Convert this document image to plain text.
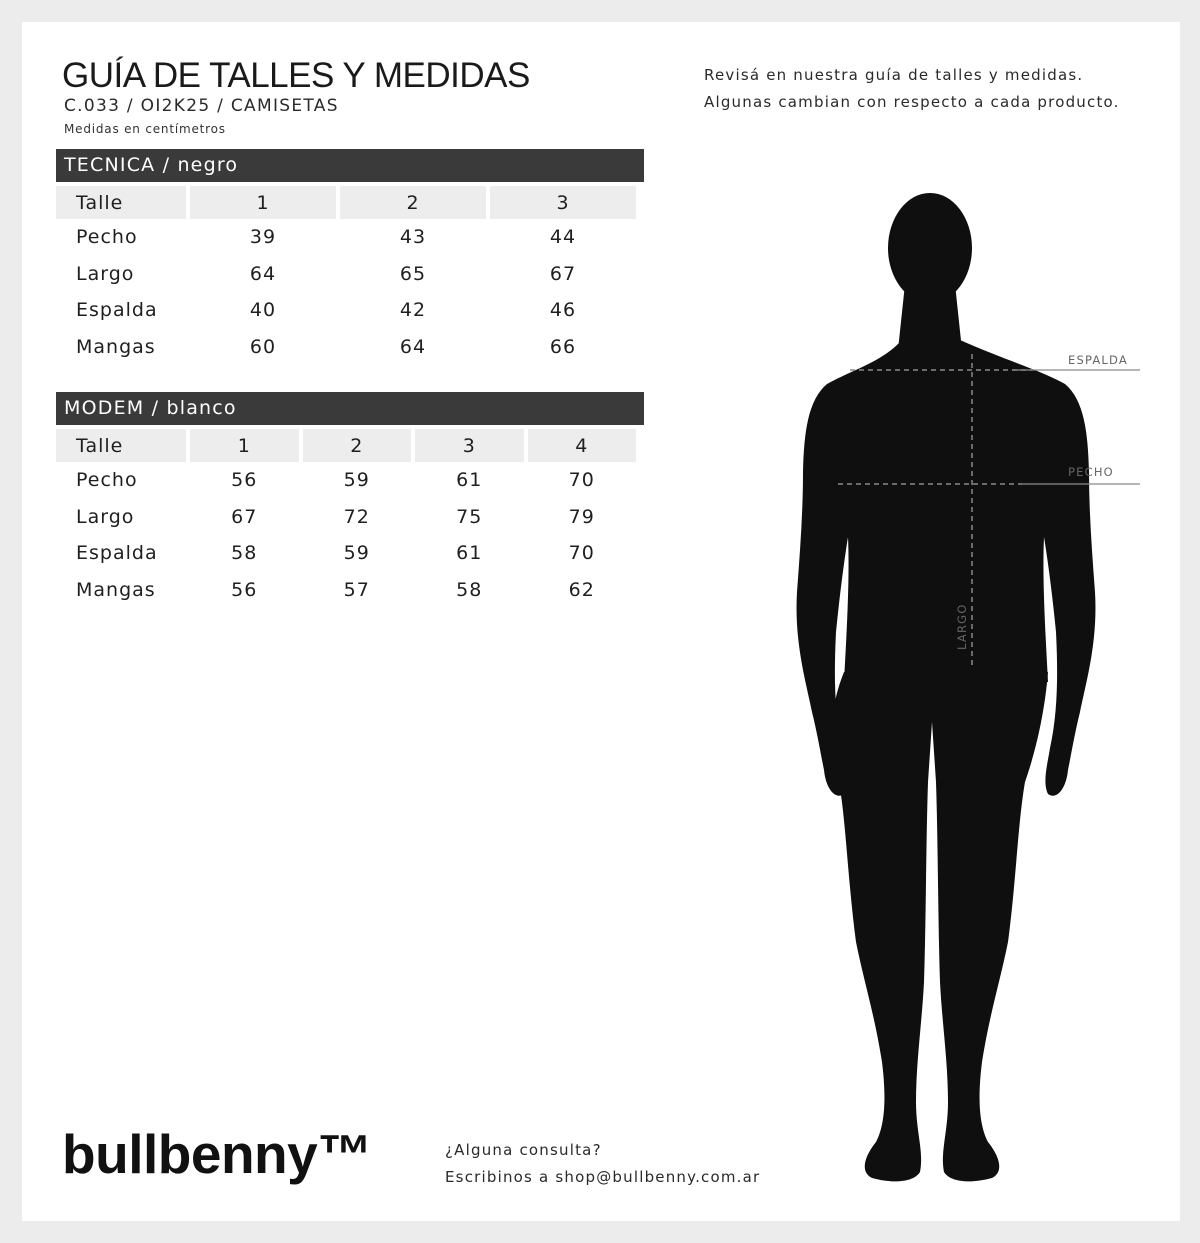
GUÍA DE TALLES Y MEDIDAS
C.033 / OI2K25 / CAMISETAS
Medidas en centímetros
Revisá en nuestra guía de talles y medidas.
Algunas cambian con respecto a cada producto.
TECNICA / negro
Talle	1	2	3
Pecho	39	43	44
Largo	64	65	67
Espalda	40	42	46
Mangas	60	64	66
MODEM / blanco
Talle	1	2	3	4
Pecho	56	59	61	70
Largo	67	72	75	79
Espalda	58	59	61	70
Mangas	56	57	58	62
ESPALDA
PECHO
LARGO
bullbenny™	¿Alguna consulta?
Escribinos a shop@bullbenny.com.ar
